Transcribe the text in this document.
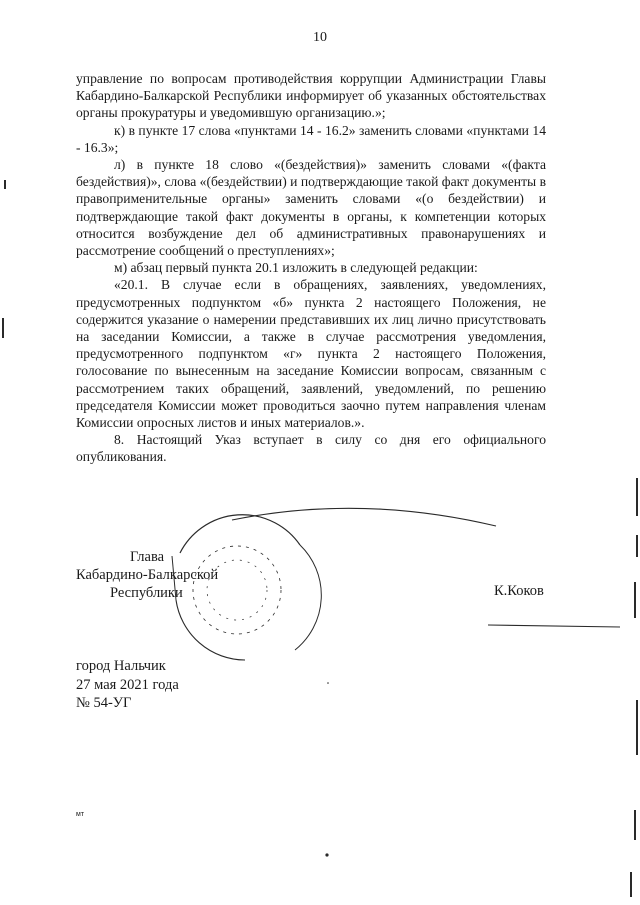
10

управление по вопросам противодействия коррупции Администрации Главы Кабардино-Балкарской Республики информирует об указанных обстоятельствах органы прокуратуры и уведомившую организацию.»;

к) в пункте 17 слова «пунктами 14 - 16.2» заменить словами «пунктами 14 - 16.3»;

л) в пункте 18 слово «(бездействия)» заменить словами «(факта бездействия)», слова «(бездействии) и подтверждающие такой факт документы в правоприменительные органы» заменить словами «(о бездействии) и подтверждающие такой факт документы в органы, к компетенции которых относится возбуждение дел об административных правонарушениях и рассмотрение сообщений о преступлениях»;

м) абзац первый пункта 20.1 изложить в следующей редакции:

«20.1. В случае если в обращениях, заявлениях, уведомлениях, предусмотренных подпунктом «б» пункта 2 настоящего Положения, не содержится указание о намерении представивших их лиц лично присутствовать на заседании Комиссии, а также в случае рассмотрения уведомления, предусмотренного подпунктом «г» пункта 2 настоящего Положения, голосование по вынесенным на заседание Комиссии вопросам, связанным с рассмотрением таких обращений, заявлений, уведомлений, по решению председателя Комиссии может проводиться заочно путем направления членам Комиссии опросных листов и иных материалов.».

8. Настоящий Указ вступает в силу со дня его официального опубликования.

Глава
Кабардино-Балкарской
Республики	К.Коков
город Нальчик
27 мая 2021 года
№ 54-УГ
мт
